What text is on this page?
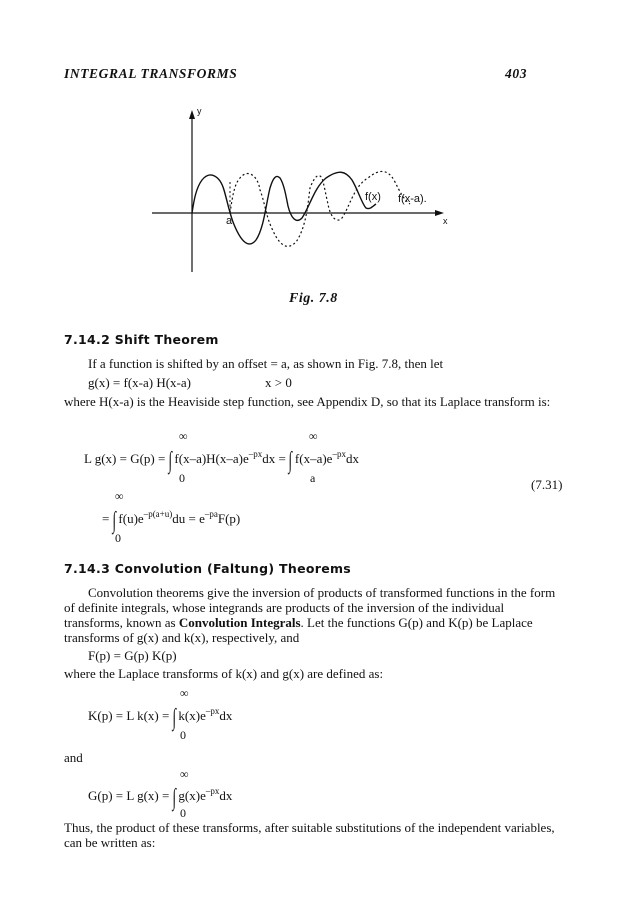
INTEGRAL TRANSFORMS	403
y
x
a
f(x) f(x-a).
Fig. 7.8
7.14.2 Shift Theorem
If a function is shifted by an offset = a, as shown in Fig. 7.8, then let
g(x) = f(x-a) H(x-a)	x > 0
where H(x-a) is the Heaviside step function, see Appendix D, so that its Laplace transform is:
∞	∞
L g(x) = G(p) = ∫ $f(x-a)H(x-a)e^{-px}dx$ = ∫ $f(x-a)e^{-px}dx$
0	a	(7.31)
∞
= ∫ $f(u)e^{-p(a+u)}du = e^{-pa}F(p)$
0
7.14.3 Convolution (Faltung) Theorems
Convolution theorems give the inversion of products of transformed functions in the form of definite integrals, whose integrands are products of the inversion of the individual transforms, known as Convolution Integrals. Let the functions G(p) and K(p) be Laplace transforms of g(x) and k(x), respectively, and
F(p) = G(p) K(p)
where the Laplace transforms of k(x) and g(x) are defined as:
∞
K(p) = L k(x) = ∫ $k(x)e^{-px}dx$
0
and
∞
G(p) = L g(x) = ∫ $g(x)e^{-px}dx$
0
Thus, the product of these transforms, after suitable substitutions of the independent variables, can be written as:
